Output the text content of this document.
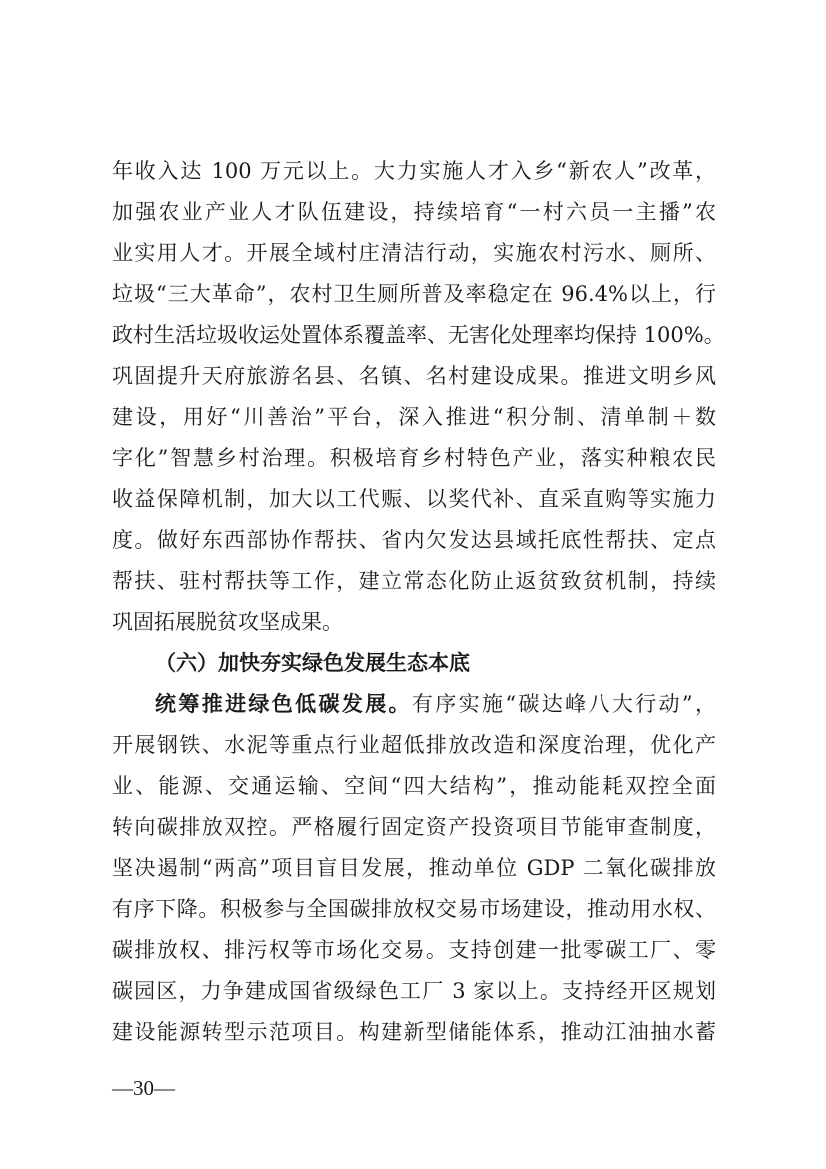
年收入达 100 万元以上。大力实施人才入乡“新农人”改革，
加强农业产业人才队伍建设，持续培育“一村六员一主播”农
业实用人才。开展全域村庄清洁行动，实施农村污水、厕所、
垃圾“三大革命”，农村卫生厕所普及率稳定在 96.4%以上，行
政村生活垃圾收运处置体系覆盖率、无害化处理率均保持 100%。
巩固提升天府旅游名县、名镇、名村建设成果。推进文明乡风
建设，用好“川善治”平台，深入推进“积分制、清单制＋数
字化”智慧乡村治理。积极培育乡村特色产业，落实种粮农民
收益保障机制，加大以工代赈、以奖代补、直采直购等实施力
度。做好东西部协作帮扶、省内欠发达县域托底性帮扶、定点
帮扶、驻村帮扶等工作，建立常态化防止返贫致贫机制，持续
巩固拓展脱贫攻坚成果。
（六）加快夯实绿色发展生态本底
统筹推进绿色低碳发展。有序实施“碳达峰八大行动”，
开展钢铁、水泥等重点行业超低排放改造和深度治理，优化产
业、能源、交通运输、空间“四大结构”，推动能耗双控全面
转向碳排放双控。严格履行固定资产投资项目节能审查制度，
坚决遏制“两高”项目盲目发展，推动单位 GDP 二氧化碳排放
有序下降。积极参与全国碳排放权交易市场建设，推动用水权、
碳排放权、排污权等市场化交易。支持创建一批零碳工厂、零
碳园区，力争建成国省级绿色工厂 3 家以上。支持经开区规划
建设能源转型示范项目。构建新型储能体系，推动江油抽水蓄
—30—
